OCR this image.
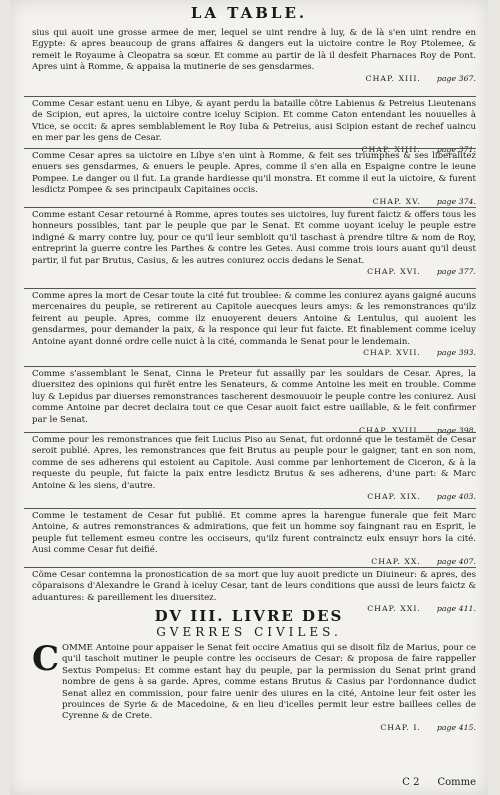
LA TABLE.
sius qui auoit une grosse armee de mer, lequel se uint rendre à luy, & de là s'en uint rendre en Egypte: & apres beaucoup de grans affaires & dangers eut la uictoire contre le Roy Ptolemee, & remeit le Royaume à Cleopatra sa sœur. Et comme au partir de là il desfeit Pharnaces Roy de Pont. Apres uint à Romme, & appaisa la mutinerie de ses gensdarmes.
CHAP. XIII. page 367.
Comme Cesar estant uenu en Libye, & ayant perdu la bataille cõtre Labienus & Petreius Lieutenans de Scipion, eut apres, la uictoire contre iceluy Scipion. Et comme Caton entendant les nouuelles à Vtice, se occit: & apres semblablement le Roy Iuba & Petreius, ausi Scipion estant de rechef uaincu en mer par les gens de Cesar.
CHAP. XIIII. page 371.
Comme Cesar apres sa uictoire en Libye s'en uint à Romme, & feit ses triumphes & ses liberalitez enuers ses gensdarmes, & enuers le peuple. Apres, comme il s'en alla en Espaigne contre le ieune Pompee. Le danger ou il fut. La grande hardiesse qu'il monstra. Et comme il eut la uictoire, & furent lesdictz Pompee & ses principaulx Capitaines occis.
CHAP. XV. page 374.
Comme estant Cesar retourné à Romme, apres toutes ses uictoires, luy furent faictz & offers tous les honneurs possibles, tant par le peuple que par le Senat. Et comme uoyant iceluy le peuple estre indigné & marry contre luy, pour ce qu'il leur sembloit qu'il taschast à prendre tiltre & nom de Roy, entreprint la guerre contre les Parthes & contre les Getes. Ausi comme trois iours auant qu'il deust partir, il fut par Brutus, Casius, & les autres coniurez occis dedans le Senat.
CHAP. XVI. page 377.
Comme apres la mort de Cesar toute la cité fut troublee: & comme les coniurez ayans gaigné aucuns mercenaires du peuple, se retirerent au Capitole auecques leurs amys: & les remonstrances qu'ilz feirent au peuple. Apres, comme ilz enuoyerent deuers Antoine & Lentulus, qui auoient les gensdarmes, pour demander la paix, & la responce qui leur fut faicte. Et finablement comme iceluy Antoine ayant donné ordre celle nuict à la cité, commanda le Senat pour le lendemain.
CHAP. XVII. page 393.
Comme s'assemblant le Senat, Cinna le Preteur fut assailly par les souldars de Cesar. Apres, la diuersitez des opinions qui furët entre les Senateurs, & comme Antoine les meit en trouble. Comme luy & Lepidus par diuerses remonstrances tascherent desmouuoir le peuple contre les coniurez. Ausi comme Antoine par decret declaira tout ce que Cesar auoit faict estre uaillable, & le feit confirmer par le Senat.
CHAP. XVIII. page 398.
Comme pour les remonstrances que feit Lucius Piso au Senat, fut ordonné que le testamët de Cesar seroit publié. Apres, les remonstrances que feit Brutus au peuple pour le gaigner, tant en son nom, comme de ses adherens qui estoient au Capitole. Ausi comme par lenhortement de Ciceron, & à la requeste du peuple, fut faicte la paix entre lesdictz Brutus & ses adherens, d'une part: & Marc Antoine & les siens, d'autre.
CHAP. XIX. page 403.
Comme le testament de Cesar fut publié. Et comme apres la harengue funerale que feit Marc Antoine, & autres remonstrances & admirations, que feit un homme soy faingnant rau en Esprit, le peuple fut tellement esmeu contre les occiseurs, qu'ilz furent contrainctz eulx ensuyr hors la cité. Ausi comme Cesar fut deifié.
CHAP. XX. page 407.
Cõme Cesar contemna la pronostication de sa mort que luy auoit predicte un Diuineur: & apres, des cõparaisons d'Alexandre le Grand à iceluy Cesar, tant de leurs conditions que aussi de leurs faictz & aduantures: & pareillement les diuersitez.
CHAP. XXI. page 411.
DV III. LIVRE DES
GVERRES CIVILES.
C OMME Antoine pour appaiser le Senat feit occire Amatius qui se disoit filz de Marius, pour ce qu'il taschoit mutiner le peuple contre les occiseurs de Cesar: & proposa de faire rappeller Sextus Pompeius: Et comme estant hay du peuple, par la permission du Senat print grand nombre de gens à sa garde. Apres, comme estans Brutus & Casius par l'ordonnance dudict Senat allez en commission, pour faire uenir des uiures en la cité, Antoine leur feit oster les prouinces de Syrie & de Macedoine, & en lieu d'icelles permit leur estre baillees celles de Cyrenne & de Crete.
CHAP. I. page 415.
C 2 Comme
